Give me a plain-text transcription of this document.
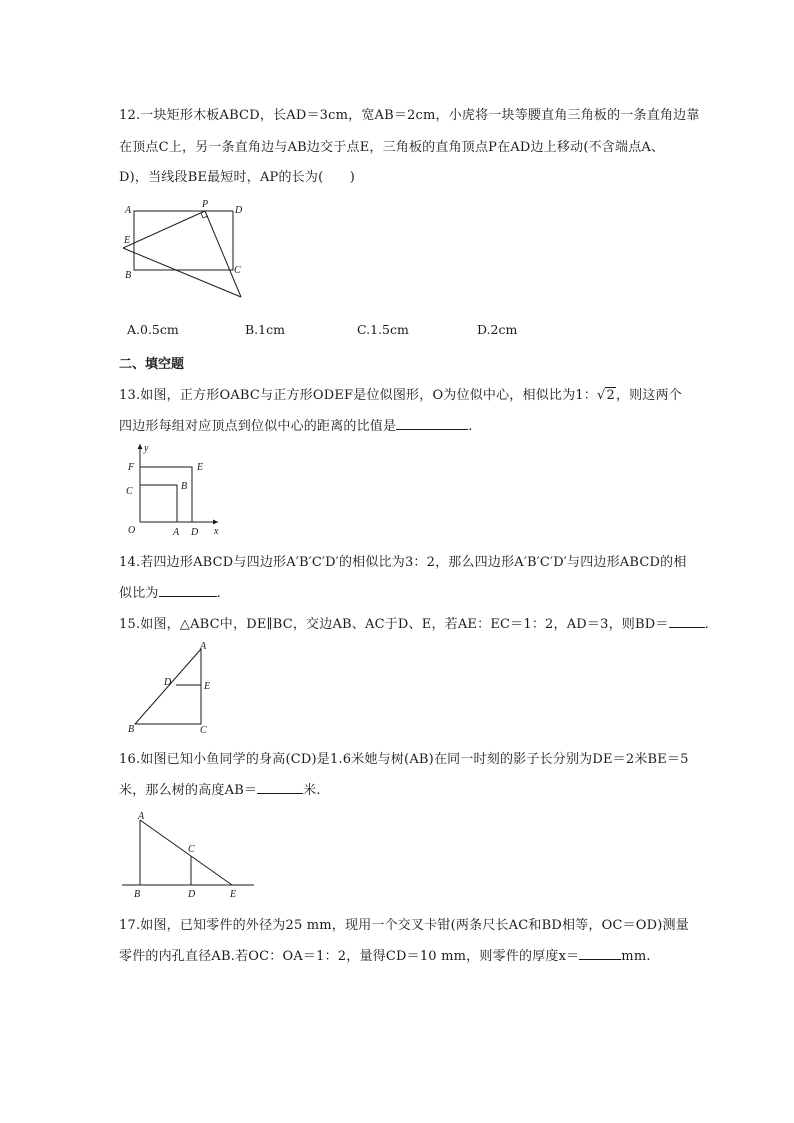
12.一块矩形木板ABCD，长AD＝3cm，宽AB＝2cm，小虎将一块等腰直角三角板的一条直角边靠
在顶点C上，另一条直角边与AB边交于点E，三角板的直角顶点P在AD边上移动(不含端点A、
D)，当线段BE最短时，AP的长为(　　)
A
P
D
E
B	C
A.0.5cm	B.1cm	C.1.5cm	D.2cm
二、填空题
13.如图，正方形OABC与正方形ODEF是位似图形，O为位似中心，相似比为1：√2，则这两个
四边形每组对应顶点到位似中心的距离的比值是	.
y
x
F	E
C	B
O	A D
14.若四边形ABCD与四边形A′B′C′D′的相似比为3：2，那么四边形A′B′C′D′与四边形ABCD的相
似比为	.
15.如图，△ABC中，DE∥BC，交边AB、AC于D、E，若AE：EC＝1：2，AD＝3，则BD＝	.
A
D	E
B	C
16.如图已知小鱼同学的身高(CD)是1.6米她与树(AB)在同一时刻的影子长分别为DE＝2米BE＝5
米，那么树的高度AB＝	米.
A
C
B	D	E
17.如图，已知零件的外径为25 mm，现用一个交叉卡钳(两条尺长AC和BD相等，OC＝OD)测量
零件的内孔直径AB.若OC：OA＝1：2，量得CD＝10 mm，则零件的厚度x＝	mm.
